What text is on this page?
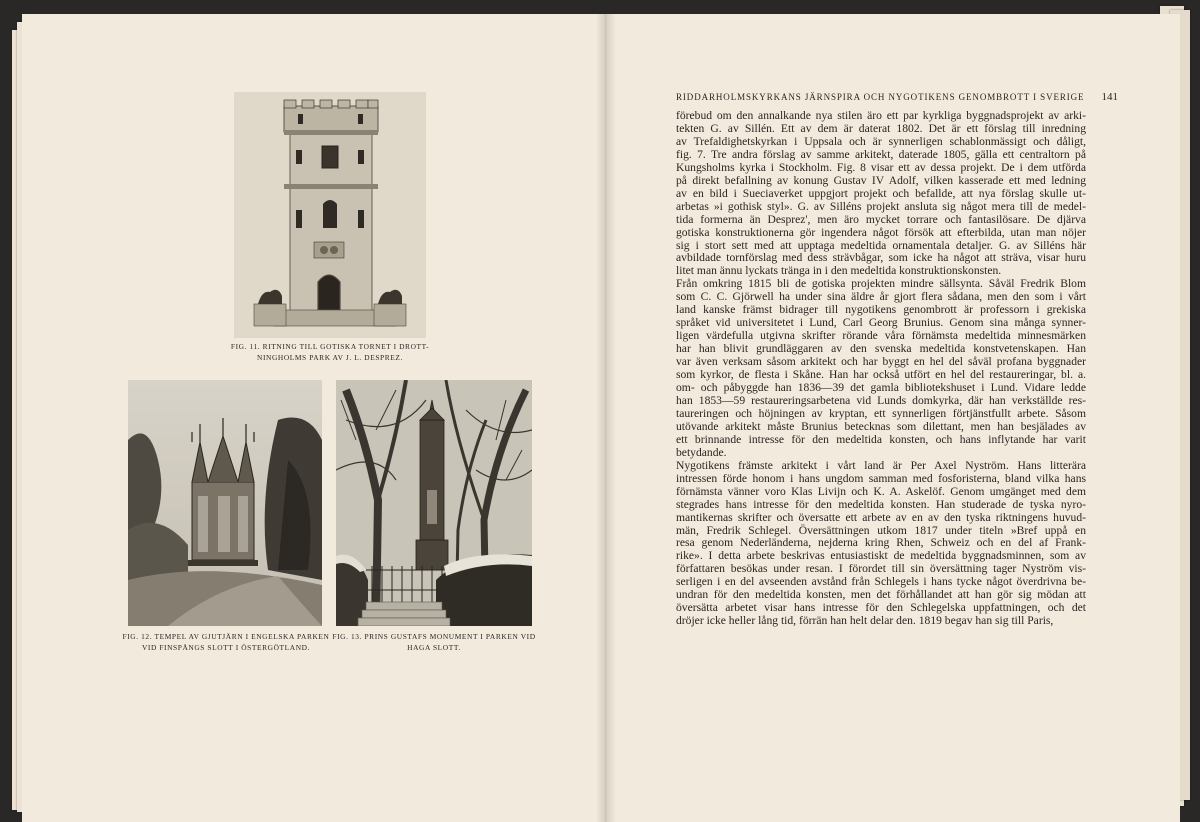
FIG. 11. RITNING TILL GOTISKA TORNET I DROTT-
NINGHOLMS PARK AV J. L. DESPREZ.
FIG. 12. TEMPEL AV GJUTJÄRN I ENGELSKA PARKEN
VID FINSPÅNGS SLOTT I ÖSTERGÖTLAND.
FIG. 13. PRINS GUSTAFS MONUMENT I PARKEN VID
HAGA SLOTT.
RIDDARHOLMSKYRKANS JÄRNSPIRA OCH NYGOTIKENS GENOMBROTT I SVERIGE 141

förebud om den annalkande nya stilen äro ett par kyrkliga byggnadsprojekt av arki-

tekten G. av Sillén. Ett av dem är daterat 1802. Det är ett förslag till inredning

av Trefaldighetskyrkan i Uppsala och är synnerligen schablonmässigt och dåligt,

fig. 7. Tre andra förslag av samme arkitekt, daterade 1805, gälla ett centraltorn på

Kungsholms kyrka i Stockholm. Fig. 8 visar ett av dessa projekt. De i dem utförda

på direkt befallning av konung Gustav IV Adolf, vilken kasserade ett med ledning

av en bild i Sueciaverket uppgjort projekt och befallde, att nya förslag skulle ut-

arbetas »i gothisk styl». G. av Silléns projekt ansluta sig något mera till de medel-

tida formerna än Desprez', men äro mycket torrare och fantasilösare. De djärva

gotiska konstruktionerna gör ingendera något försök att efterbilda, utan man nöjer

sig i stort sett med att upptaga medeltida ornamentala detaljer. G. av Silléns här

avbildade tornförslag med dess strävbågar, som icke ha något att sträva, visar huru

litet man ännu lyckats tränga in i den medeltida konstruktionskonsten.

Från omkring 1815 bli de gotiska projekten mindre sällsynta. Såväl Fredrik Blom

som C. C. Gjörwell ha under sina äldre år gjort flera sådana, men den som i vårt

land kanske främst bidrager till nygotikens genombrott är professorn i grekiska

språket vid universitetet i Lund, Carl Georg Brunius. Genom sina många synner-

ligen värdefulla utgivna skrifter rörande våra förnämsta medeltida minnesmärken

har han blivit grundläggaren av den svenska medeltida konstvetenskapen. Han

var även verksam såsom arkitekt och har byggt en hel del såväl profana byggnader

som kyrkor, de flesta i Skåne. Han har också utfört en hel del restaureringar, bl. a.

om- och påbyggde han 1836—39 det gamla bibliotekshuset i Lund. Vidare ledde

han 1853—59 restaureringsarbetena vid Lunds domkyrka, där han verkställde res-

taureringen och höjningen av kryptan, ett synnerligen förtjänstfullt arbete. Såsom

utövande arkitekt måste Brunius betecknas som dilettant, men han besjälades av

ett brinnande intresse för den medeltida konsten, och hans inflytande har varit

betydande.

Nygotikens främste arkitekt i vårt land är Per Axel Nyström. Hans litterära

intressen förde honom i hans ungdom samman med fosforisterna, bland vilka hans

förnämsta vänner voro Klas Livijn och K. A. Askelöf. Genom umgänget med dem

stegrades hans intresse för den medeltida konsten. Han studerade de tyska nyro-

mantikernas skrifter och översatte ett arbete av en av den tyska riktningens huvud-

män, Fredrik Schlegel. Översättningen utkom 1817 under titeln »Bref uppå en

resa genom Nederländerna, nejderna kring Rhen, Schweiz och en del af Frank-

rike». I detta arbete beskrivas entusiastiskt de medeltida byggnadsminnen, som av

författaren besökas under resan. I förordet till sin översättning tager Nyström vis-

serligen i en del avseenden avstånd från Schlegels i hans tycke något överdrivna be-

undran för den medeltida konsten, men det förhållandet att han gör sig mödan att

översätta arbetet visar hans intresse för den Schlegelska uppfattningen, och det

dröjer icke heller lång tid, förrän han helt delar den. 1819 begav han sig till Paris,
